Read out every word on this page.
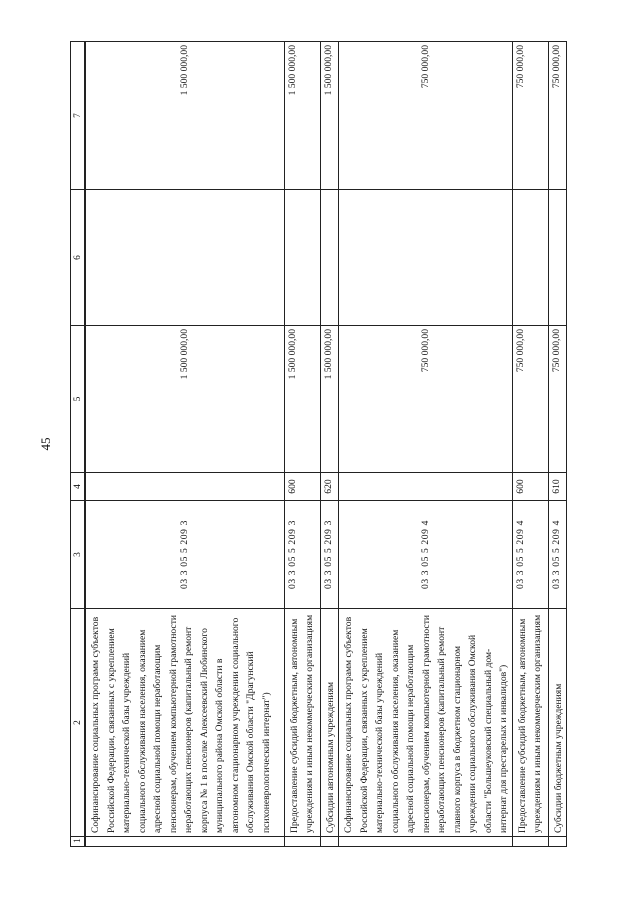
45
1	2	3	4	5	6	7
	Софинансирование социальных программ субъектов Российской Федерации, связанных с укреплением материально-технической базы учреждений социального обслуживания населения, оказанием адресной социальной помощи неработающим пенсионерам, обучением компьютерной грамотности неработающих пенсионеров (капитальный ремонт корпуса № 1 в поселке Алексеевский Любинского муниципального района Омской области в автономном стационарном учреждении социального обслуживания Омской области "Драгунский психоневрологический интернат")	03 3 05 5 209 3		1 500 000,00		1 500 000,00
	Предоставление субсидий бюджетным, автономным учреждениям и иным некоммерческим организациям	03 3 05 5 209 3	600	1 500 000,00		1 500 000,00
	Субсидии автономным учреждениям	03 3 05 5 209 3	620	1 500 000,00		1 500 000,00
	Софинансирование социальных программ субъектов Российской Федерации, связанных с укреплением материально-технической базы учреждений социального обслуживания населения, оказанием адресной социальной помощи неработающим пенсионерам, обучением компьютерной грамотности неработающих пенсионеров (капитальный ремонт главного корпуса в бюджетном стационарном учреждении социального обслуживания Омской области "Большеуковский специальный дом-интернат для престарелых и инвалидов")	03 3 05 5 209 4		750 000,00		750 000,00
	Предоставление субсидий бюджетным, автономным учреждениям и иным некоммерческим организациям	03 3 05 5 209 4	600	750 000,00		750 000,00
	Субсидии бюджетным учреждениям	03 3 05 5 209 4	610	750 000,00		750 000,00
